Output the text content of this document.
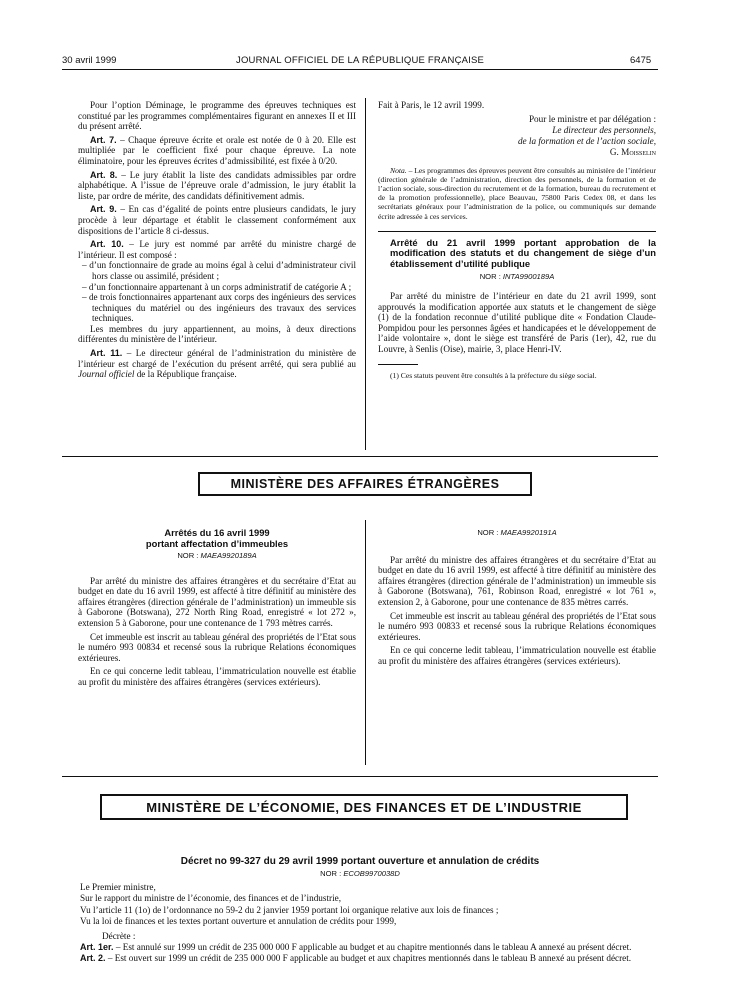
30 avril 1999	JOURNAL OFFICIEL DE LA RÉPUBLIQUE FRANÇAISE	6475

Pour l’option Déminage, le programme des épreuves techniques est constitué par les programmes complémentaires figurant en annexes II et III du présent arrêté.

Art. 7. – Chaque épreuve écrite et orale est notée de 0 à 20. Elle est multipliée par le coefficient fixé pour chaque épreuve. La note éliminatoire, pour les épreuves écrites d’admissibilité, est fixée à 0/20.

Art. 8. – Le jury établit la liste des candidats admissibles par ordre alphabétique. A l’issue de l’épreuve orale d’admission, le jury établit la liste, par ordre de mérite, des candidats définitivement admis.

Art. 9. – En cas d’égalité de points entre plusieurs candidats, le jury procède à leur départage et établit le classement conformément aux dispositions de l’article 8 ci-dessus.

Art. 10. – Le jury est nommé par arrêté du ministre chargé de l’intérieur. Il est composé :

– d’un fonctionnaire de grade au moins égal à celui d’administrateur civil hors classe ou assimilé, président ;
– d’un fonctionnaire appartenant à un corps administratif de catégorie A ;
– de trois fonctionnaires appartenant aux corps des ingénieurs des services techniques du matériel ou des ingénieurs des travaux des services techniques.

Les membres du jury appartiennent, au moins, à deux directions différentes du ministère de l’intérieur.

Art. 11. – Le directeur général de l’administration du ministère de l’intérieur est chargé de l’exécution du présent arrêté, qui sera publié au Journal officiel de la République française.

Fait à Paris, le 12 avril 1999.

Pour le ministre et par délégation :
Le directeur des personnels,
de la formation et de l’action sociale,
G. Moisselin
Nota. – Les programmes des épreuves peuvent être consultés au ministère de l’intérieur (direction générale de l’administration, direction des personnels, de la formation et de l’action sociale, sous-direction du recrutement et de la formation, bureau du recrutement et de la promotion professionnelle), place Beauvau, 75800 Paris Cedex 08, et dans les secrétariats généraux pour l’administration de la police, ou communiqués sur demande écrite adressée à ces services.
Arrêté du 21 avril 1999 portant approbation de la modification des statuts et du changement de siège d’un établissement d’utilité publique
NOR : INTA9900189A

Par arrêté du ministre de l’intérieur en date du 21 avril 1999, sont approuvés la modification apportée aux statuts et le changement de siège (1) de la fondation reconnue d’utilité publique dite « Fondation Claude-Pompidou pour les personnes âgées et handicapées et le développement de l’aide volontaire », dont le siège est transféré de Paris (1er), 42, rue du Louvre, à Senlis (Oise), mairie, 3, place Henri-IV.

(1) Ces statuts peuvent être consultés à la préfecture du siège social.
MINISTÈRE DES AFFAIRES ÉTRANGÈRES
Arrêtés du 16 avril 1999
portant affectation d’immeubles
NOR : MAEA9920189A

Par arrêté du ministre des affaires étrangères et du secrétaire d’Etat au budget en date du 16 avril 1999, est affecté à titre définitif au ministère des affaires étrangères (direction générale de l’administration) un immeuble sis à Gaborone (Botswana), 272 North Ring Road, enregistré « lot 272 », extension 5 à Gaborone, pour une contenance de 1 793 mètres carrés.

Cet immeuble est inscrit au tableau général des propriétés de l’Etat sous le numéro 993 00834 et recensé sous la rubrique Relations économiques extérieures.

En ce qui concerne ledit tableau, l’immatriculation nouvelle est établie au profit du ministère des affaires étrangères (services extérieurs).

NOR : MAEA9920191A

Par arrêté du ministre des affaires étrangères et du secrétaire d’Etat au budget en date du 16 avril 1999, est affecté à titre définitif au ministère des affaires étrangères (direction générale de l’administration) un immeuble sis à Gaborone (Botswana), 761, Robinson Road, enregistré « lot 761 », extension 2, à Gaborone, pour une contenance de 835 mètres carrés.

Cet immeuble est inscrit au tableau général des propriétés de l’Etat sous le numéro 993 00833 et recensé sous la rubrique Relations économiques extérieures.

En ce qui concerne ledit tableau, l’immatriculation nouvelle est établie au profit du ministère des affaires étrangères (services extérieurs).

MINISTÈRE DE L’ÉCONOMIE, DES FINANCES ET DE L’INDUSTRIE
Décret no 99-327 du 29 avril 1999 portant ouverture et annulation de crédits
NOR : ECOB9970038D

Le Premier ministre,

Sur le rapport du ministre de l’économie, des finances et de l’industrie,

Vu l’article 11 (1o) de l’ordonnance no 59-2 du 2 janvier 1959 portant loi organique relative aux lois de finances ;

Vu la loi de finances et les textes portant ouverture et annulation de crédits pour 1999,

Décrète :

Art. 1er. – Est annulé sur 1999 un crédit de 235 000 000 F applicable au budget et au chapitre mentionnés dans le tableau A annexé au présent décret.

Art. 2. – Est ouvert sur 1999 un crédit de 235 000 000 F applicable au budget et aux chapitres mentionnés dans le tableau B annexé au présent décret.
